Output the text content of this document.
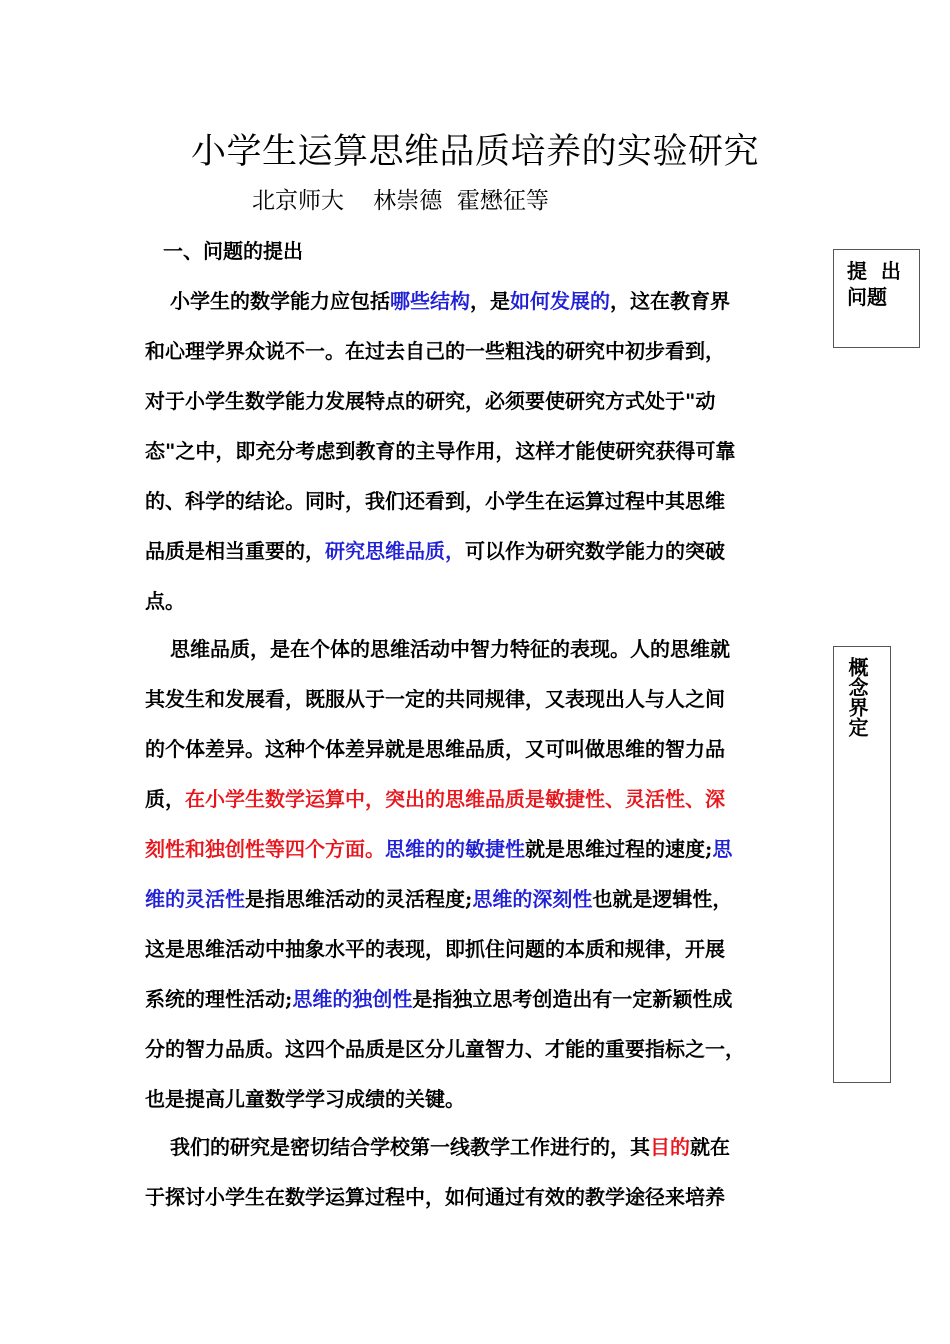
小学生运算思维品质培养的实验研究
北京师大 林崇德  霍懋征等
一、问题的提出
小学生的数学能力应包括哪些结构，是如何发展的，这在教育界
和心理学界众说不一。在过去自己的一些粗浅的研究中初步看到，
对于小学生数学能力发展特点的研究，必须要使研究方式处于"动
态"之中，即充分考虑到教育的主导作用，这样才能使研究获得可靠
的、科学的结论。同时，我们还看到，小学生在运算过程中其思维
品质是相当重要的，研究思维品质，可以作为研究数学能力的突破
点。
思维品质，是在个体的思维活动中智力特征的表现。人的思维就
其发生和发展看，既服从于一定的共同规律，又表现出人与人之间
的个体差异。这种个体差异就是思维品质，又可叫做思维的智力品
质，在小学生数学运算中，突出的思维品质是敏捷性、灵活性、深
刻性和独创性等四个方面。思维的的敏捷性就是思维过程的速度;思
维的灵活性是指思维活动的灵活程度;思维的深刻性也就是逻辑性，
这是思维活动中抽象水平的表现，即抓住问题的本质和规律，开展
系统的理性活动;思维的独创性是指独立思考创造出有一定新颖性成
分的智力品质。这四个品质是区分儿童智力、才能的重要指标之一，
也是提高儿童数学学习成绩的关键。
我们的研究是密切结合学校第一线教学工作进行的，其目的就在
于探讨小学生在数学运算过程中，如何通过有效的教学途径来培养
提  出
问题
概念界定
